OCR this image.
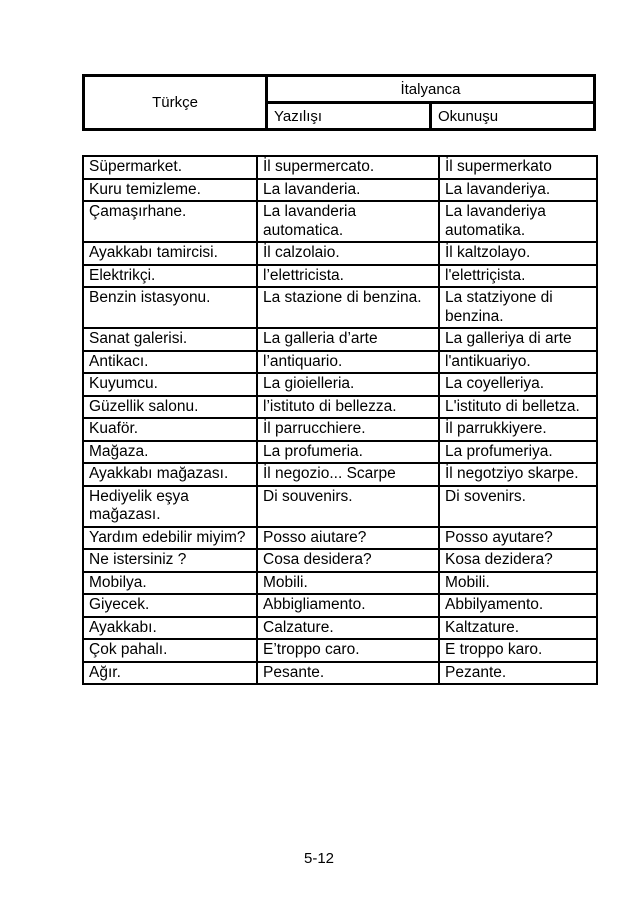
Türkçe	İtalyanca	
	Yazılışı	Okunuşu
Süpermarket.	İl supermercato.	İl supermerkato
Kuru temizleme.	La lavanderia.	La lavanderiya.
Çamaşırhane.	La lavanderia automatica.	La lavanderiya automatika.
Ayakkabı tamircisi.	İl calzolaio.	İl kaltzolayo.
Elektrikçi.	l’elettricista.	l'elettriçista.
Benzin istasyonu.	La stazione di benzina.	La statziyone di benzina.
Sanat galerisi.	La galleria d’arte	La galleriya di arte
Antikacı.	l’antiquario.	l'antikuariyo.
Kuyumcu.	La gioielleria.	La coyelleriya.
Güzellik salonu.	l’istituto di bellezza.	L'istituto di belletza.
Kuaför.	İl parrucchiere.	İl parrukkiyere.
Mağaza.	La profumeria.	La profumeriya.
Ayakkabı mağazası.	İl negozio... Scarpe	İl negotziyo skarpe.
Hediyelik eşya mağazası.	Di souvenirs.	Di sovenirs.
Yardım edebilir miyim?	Posso aiutare?	Posso ayutare?
Ne istersiniz ?	Cosa desidera?	Kosa dezidera?
Mobilya.	Mobili.	Mobili.
Giyecek.	Abbigliamento.	Abbilyamento.
Ayakkabı.	Calzature.	Kaltzature.
Çok pahalı.	E’troppo caro.	E troppo karo.
Ağır.	Pesante.	Pezante.
5-12
